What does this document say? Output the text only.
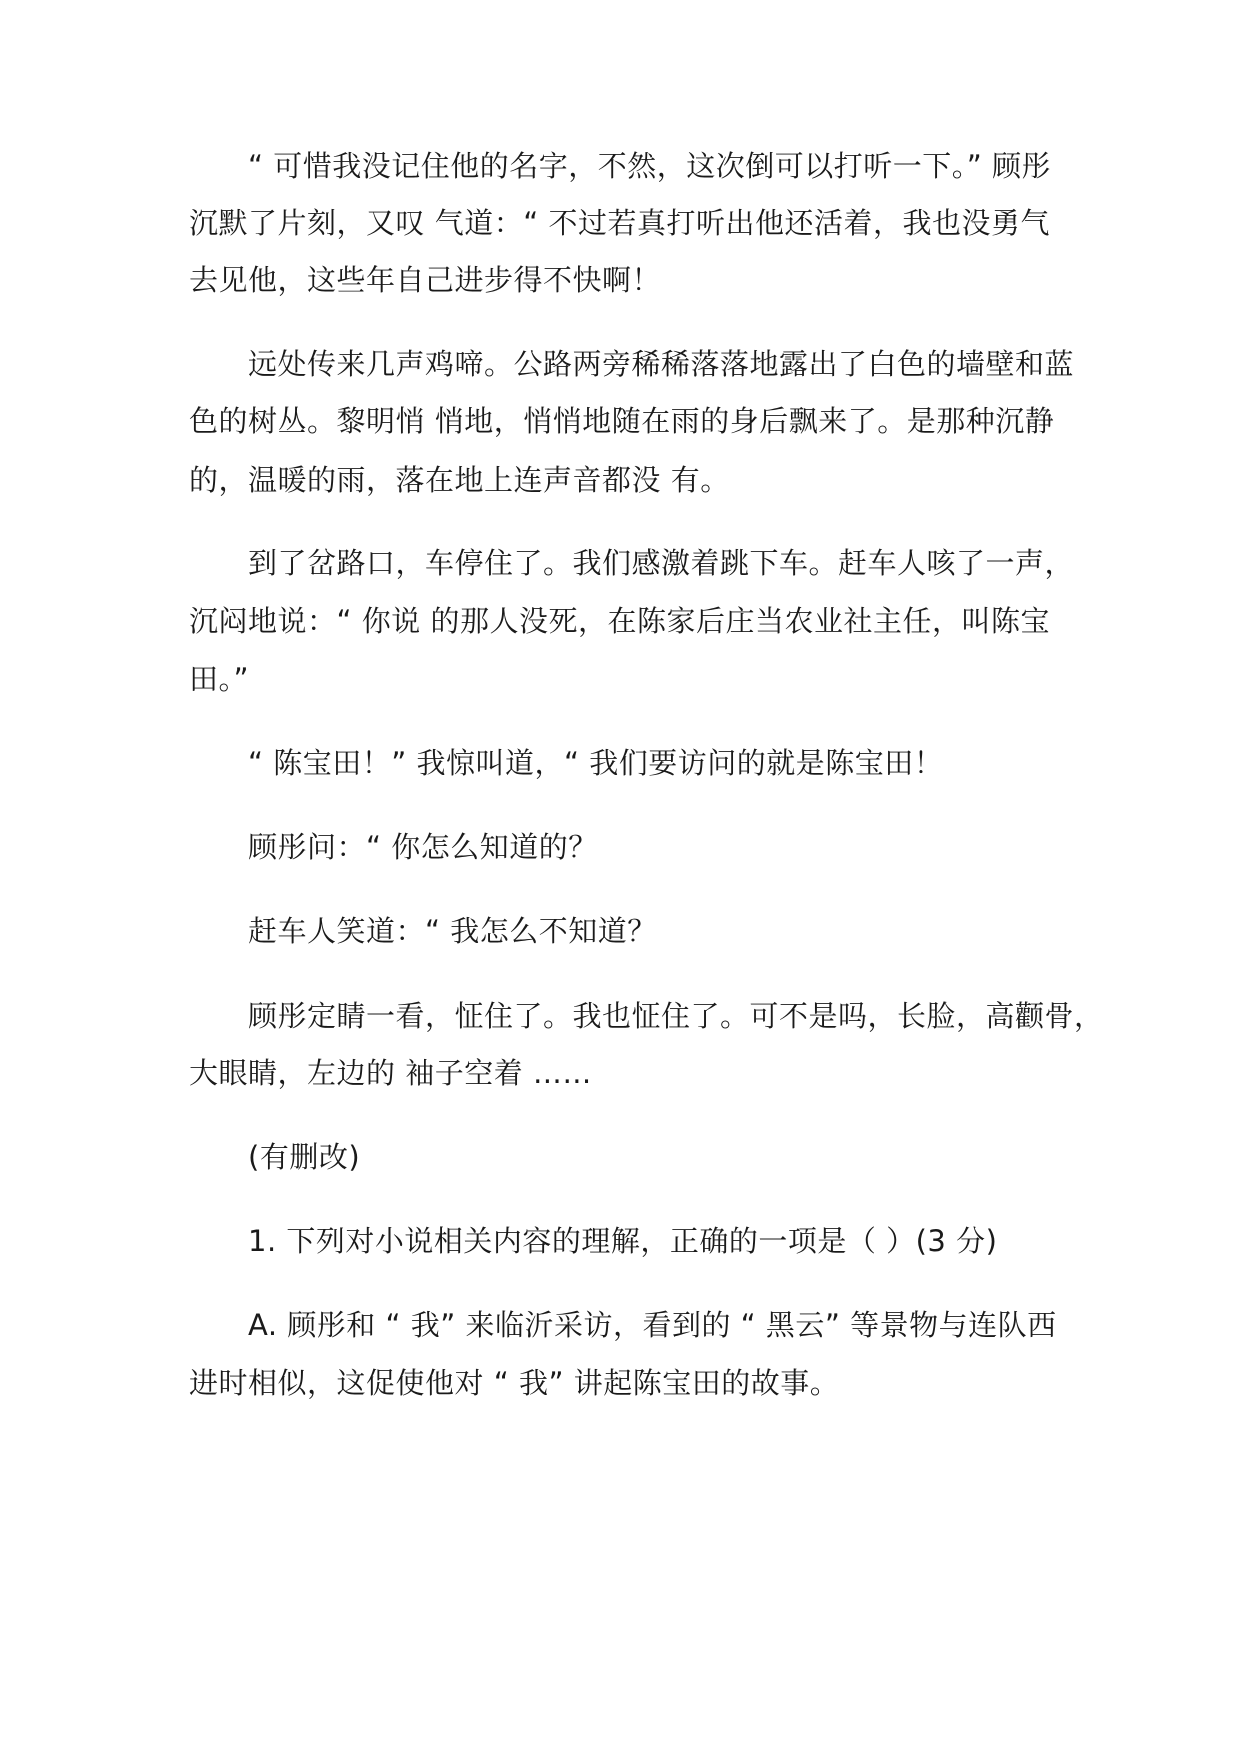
“ 可惜我没记住他的名字，不然，这次倒可以打听一下。” 顾彤
沉默了片刻，又叹 气道：“ 不过若真打听出他还活着，我也没勇气
去见他，这些年自己进步得不快啊！
远处传来几声鸡啼。公路两旁稀稀落落地露出了白色的墙壁和蓝
色的树丛。黎明悄 悄地，悄悄地随在雨的身后飘来了。是那种沉静
的，温暖的雨，落在地上连声音都没 有。
到了岔路口，车停住了。我们感激着跳下车。赶车人咳了一声，
沉闷地说：“ 你说 的那人没死，在陈家后庄当农业社主任，叫陈宝
田。”
“ 陈宝田！” 我惊叫道，“ 我们要访问的就是陈宝田！
顾彤问：“ 你怎么知道的？
赶车人笑道：“ 我怎么不知道？
顾彤定睛一看，怔住了。我也怔住了。可不是吗，长脸，高颧骨，
大眼睛，左边的 袖子空着 ……
(有删改)
1. 下列对小说相关内容的理解，正确的一项是（ ）(3 分)
A. 顾彤和 “ 我” 来临沂采访，看到的 “ 黑云” 等景物与连队西
进时相似，这促使他对 “ 我” 讲起陈宝田的故事。
